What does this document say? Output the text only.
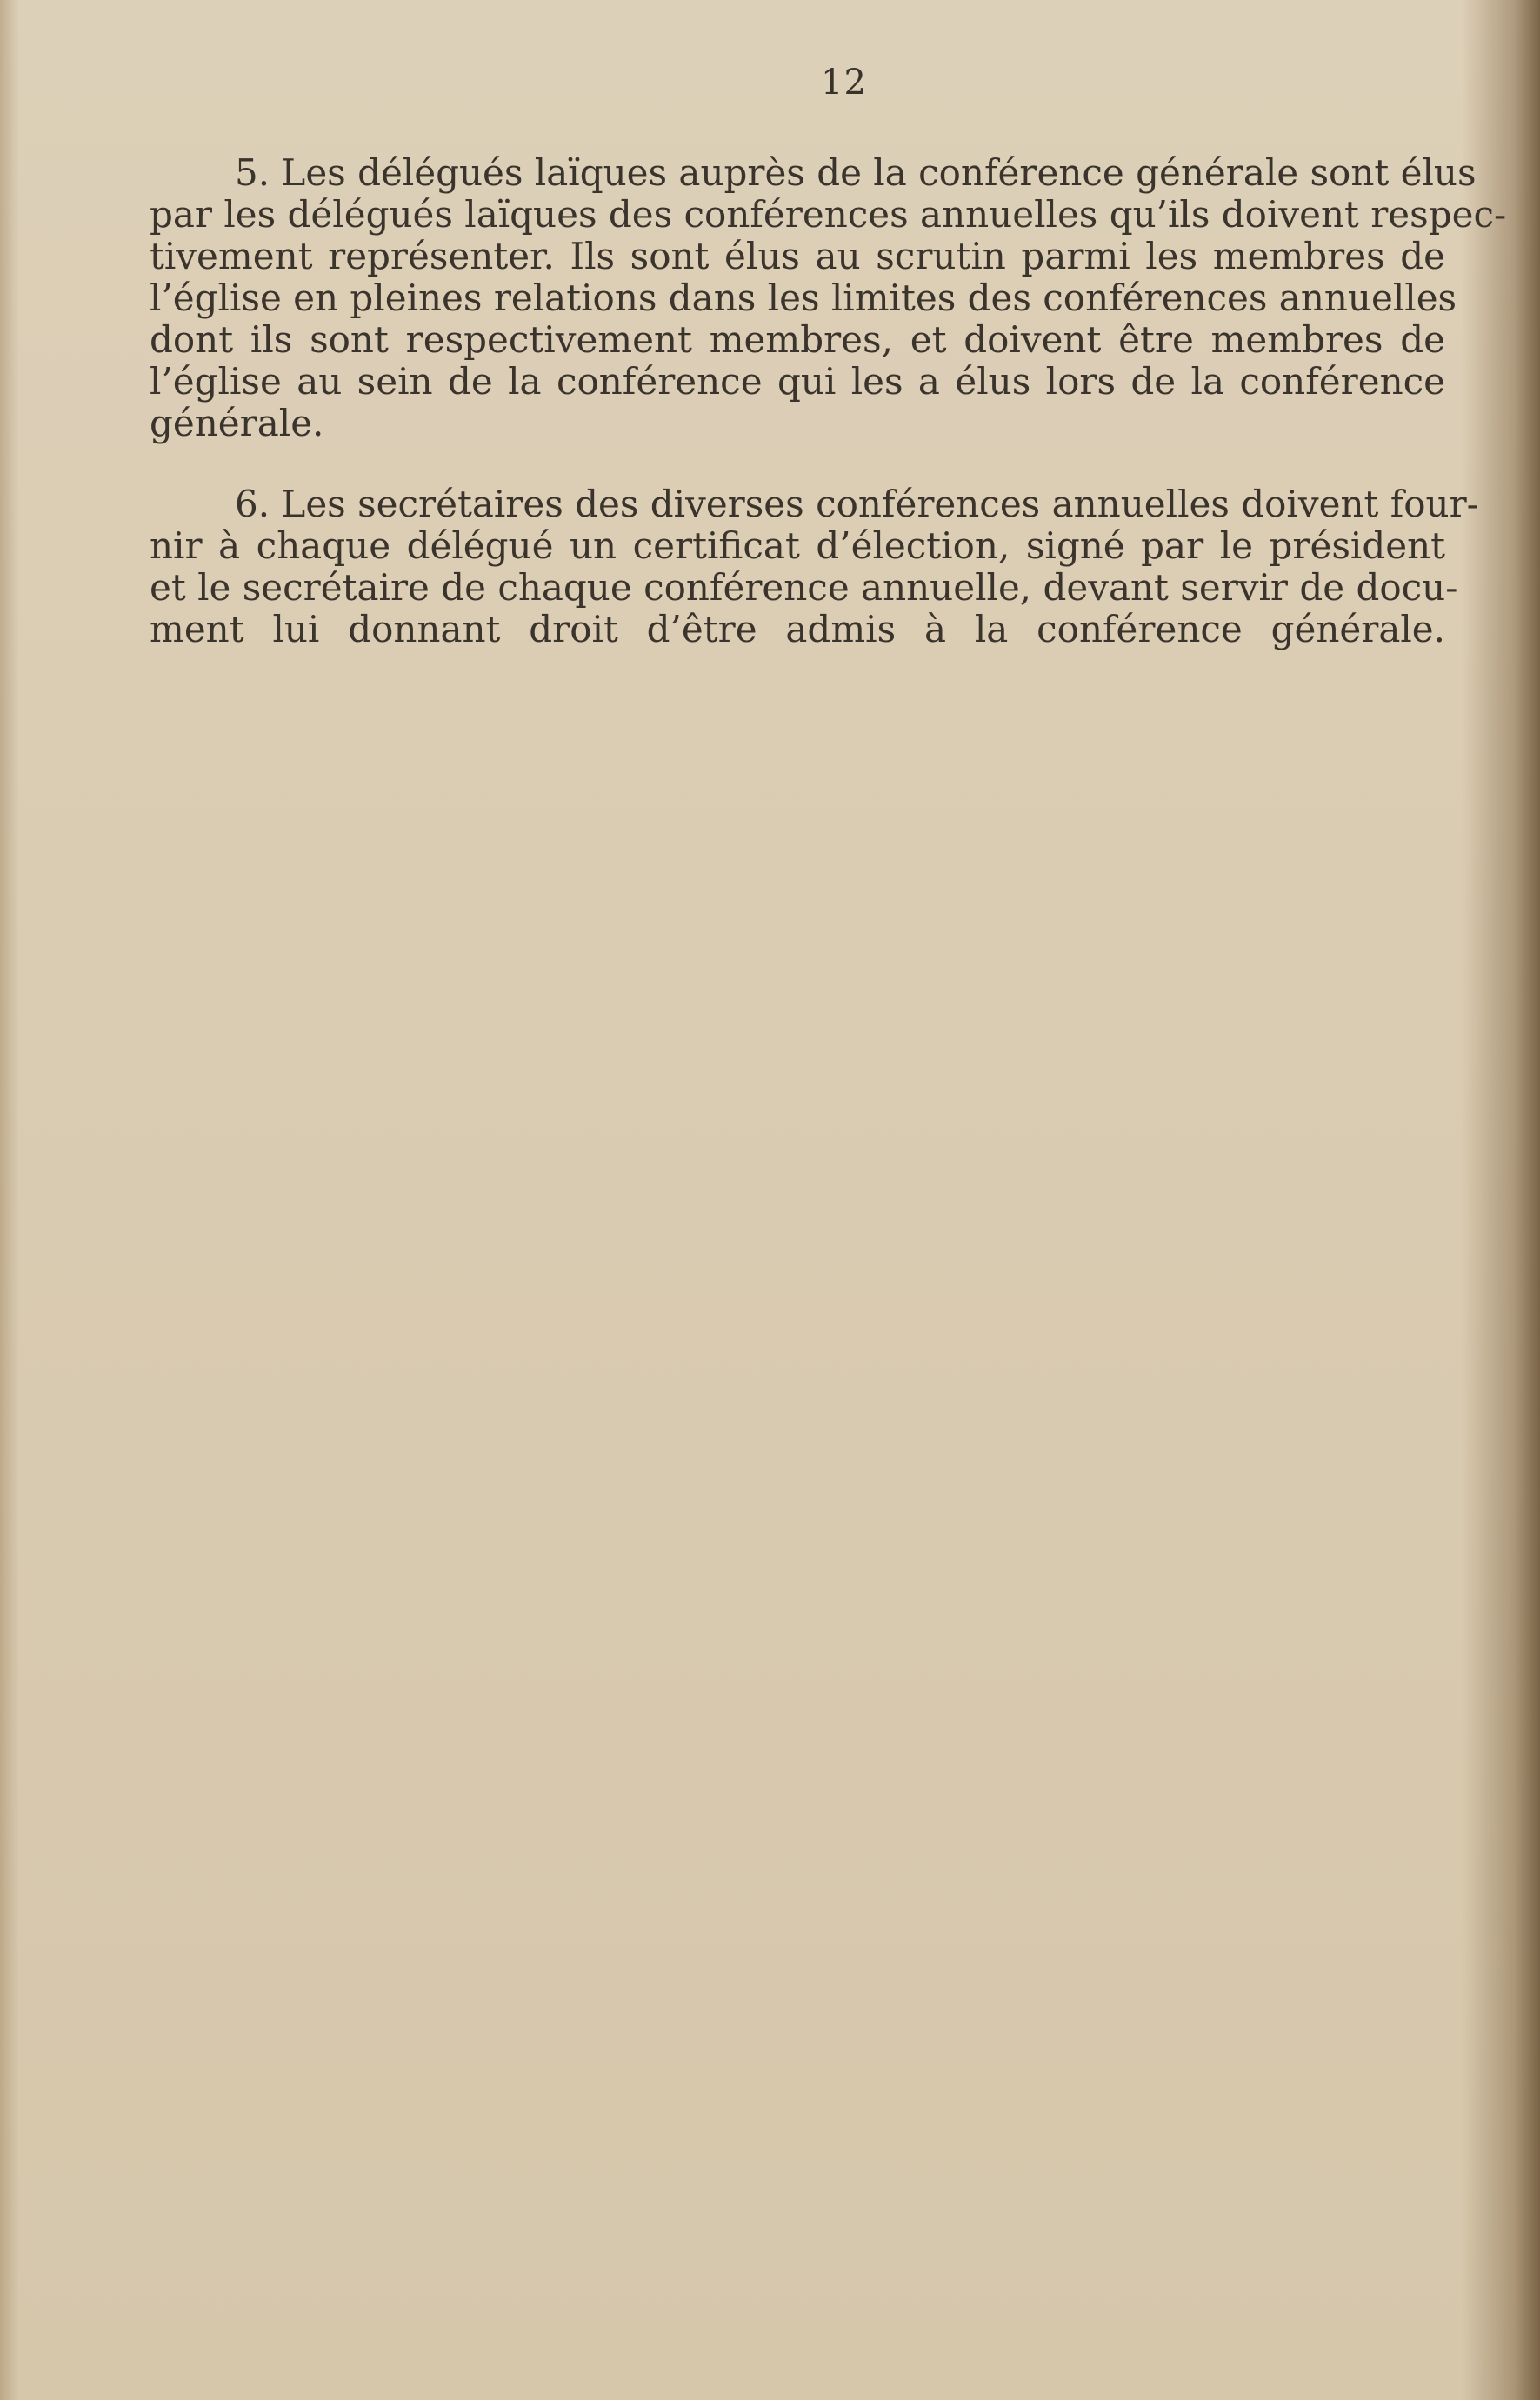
12
5. Les délégués laïques auprès de la conférence générale sont élus
par les délégués laïques des conférences annuelles qu’ils doivent respec-
tivement représenter. Ils sont élus au scrutin parmi les membres de
l’église en pleines relations dans les limites des conférences annuelles
dont ils sont respectivement membres, et doivent être membres de
l’église au sein de la conférence qui les a élus lors de la conférence
générale.
6. Les secrétaires des diverses conférences annuelles doivent four-
nir à chaque délégué un certificat d’élection, signé par le président
et le secrétaire de chaque conférence annuelle, devant servir de docu-
ment lui donnant droit d’être admis à la conférence générale.
